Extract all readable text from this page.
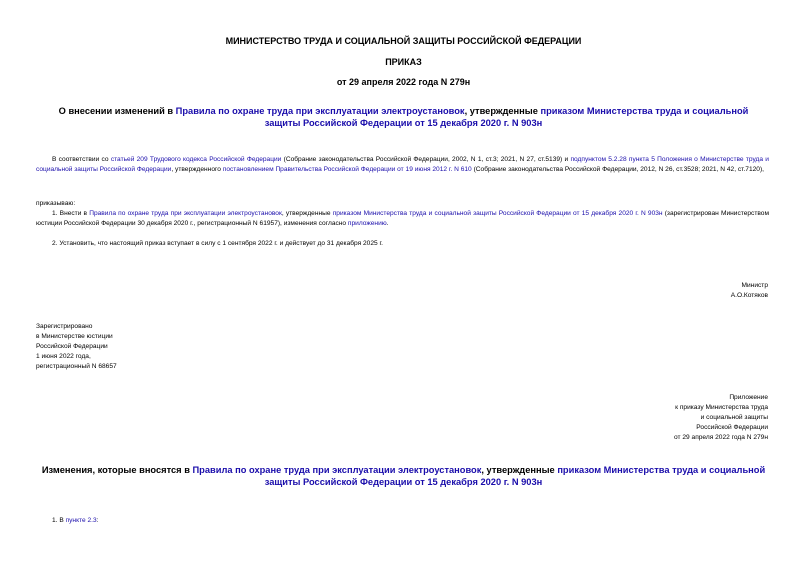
МИНИСТЕРСТВО ТРУДА И СОЦИАЛЬНОЙ ЗАЩИТЫ РОССИЙСКОЙ ФЕДЕРАЦИИ
ПРИКАЗ
от 29 апреля 2022 года N 279н
О внесении изменений в Правила по охране труда при эксплуатации электроустановок, утвержденные приказом Министерства труда и социальной защиты Российской Федерации от 15 декабря 2020 г. N 903н
В соответствии со статьей 209 Трудового кодекса Российской Федерации (Собрание законодательства Российской Федерации, 2002, N 1, ст.3; 2021, N 27, ст.5139) и подпунктом 5.2.28 пункта 5 Положения о Министерстве труда и социальной защиты Российской Федерации, утвержденного постановлением Правительства Российской Федерации от 19 июня 2012 г. N 610 (Собрание законодательства Российской Федерации, 2012, N 26, ст.3528; 2021, N 42, ст.7120),
приказываю:
1. Внести в Правила по охране труда при эксплуатации электроустановок, утвержденные приказом Министерства труда и социальной защиты Российской Федерации от 15 декабря 2020 г. N 903н (зарегистрирован Министерством юстиции Российской Федерации 30 декабря 2020 г., регистрационный N 61957), изменения согласно приложению.
2. Установить, что настоящий приказ вступает в силу с 1 сентября 2022 г. и действует до 31 декабря 2025 г.
Министр
А.О.Котяков
Зарегистрировано
в Министерстве юстиции
Российской Федерации
1 июня 2022 года,
регистрационный N 68657
Приложение
к приказу Министерства труда
и социальной защиты
Российской Федерации
от 29 апреля 2022 года N 279н
Изменения, которые вносятся в Правила по охране труда при эксплуатации электроустановок, утвержденные приказом Министерства труда и социальной защиты Российской Федерации от 15 декабря 2020 г. N 903н
1. В пункте 2.3:
